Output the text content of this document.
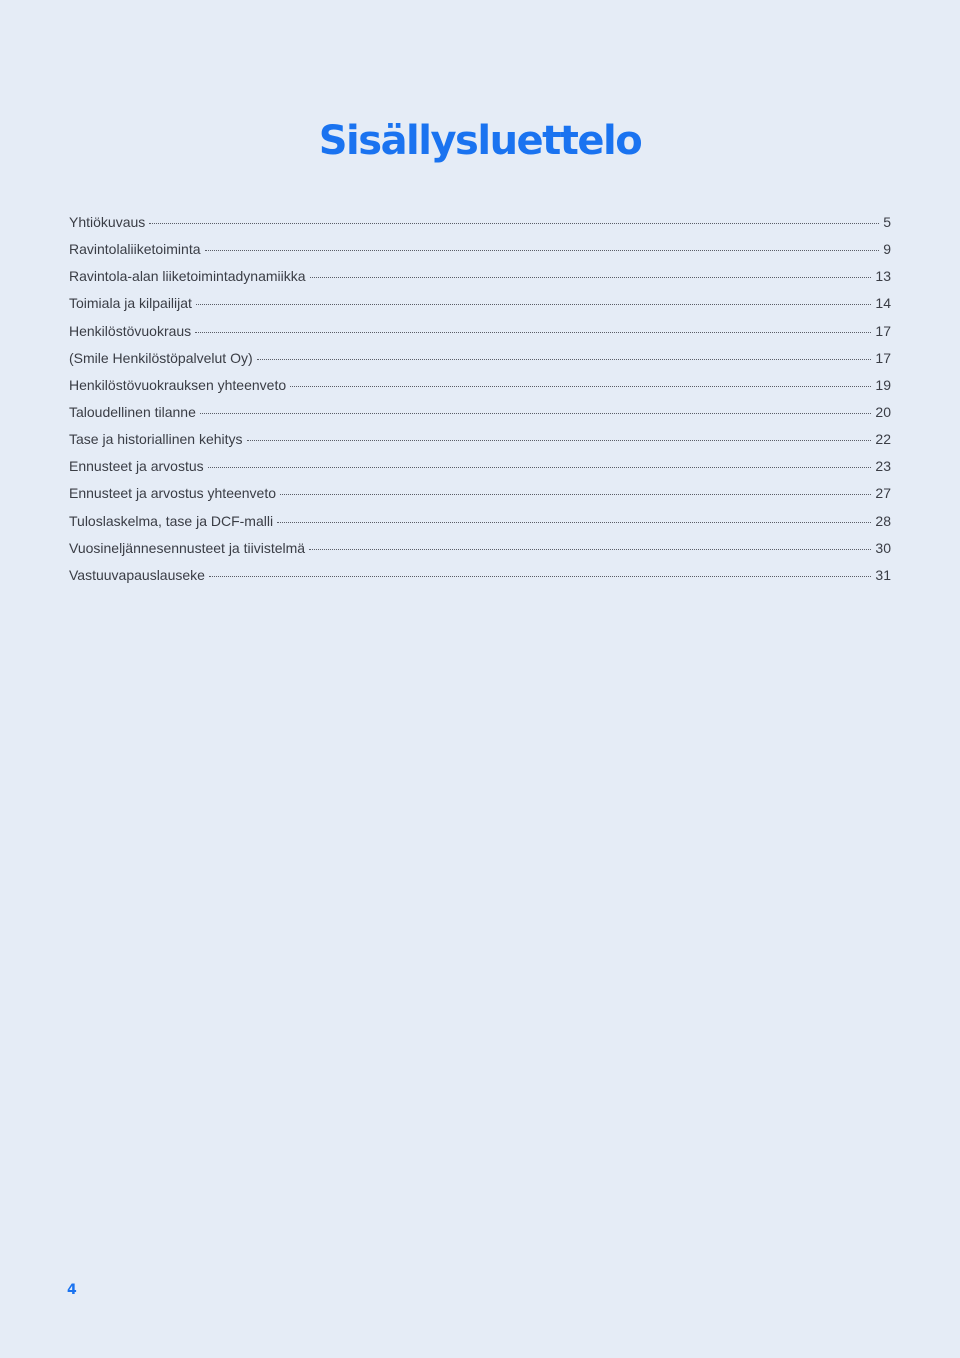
Sisällysluettelo
Yhtiökuvaus	5
Ravintolaliiketoiminta	9
Ravintola-alan liiketoimintadynamiikka	13
Toimiala ja kilpailijat	14
Henkilöstövuokraus	17
(Smile Henkilöstöpalvelut Oy)	17
Henkilöstövuokrauksen yhteenveto	19
Taloudellinen tilanne	20
Tase ja historiallinen kehitys	22
Ennusteet ja arvostus	23
Ennusteet ja arvostus yhteenveto	27
Tuloslaskelma, tase ja DCF-malli	28
Vuosineljännesennusteet ja tiivistelmä	30
Vastuuvapauslauseke	31
4
